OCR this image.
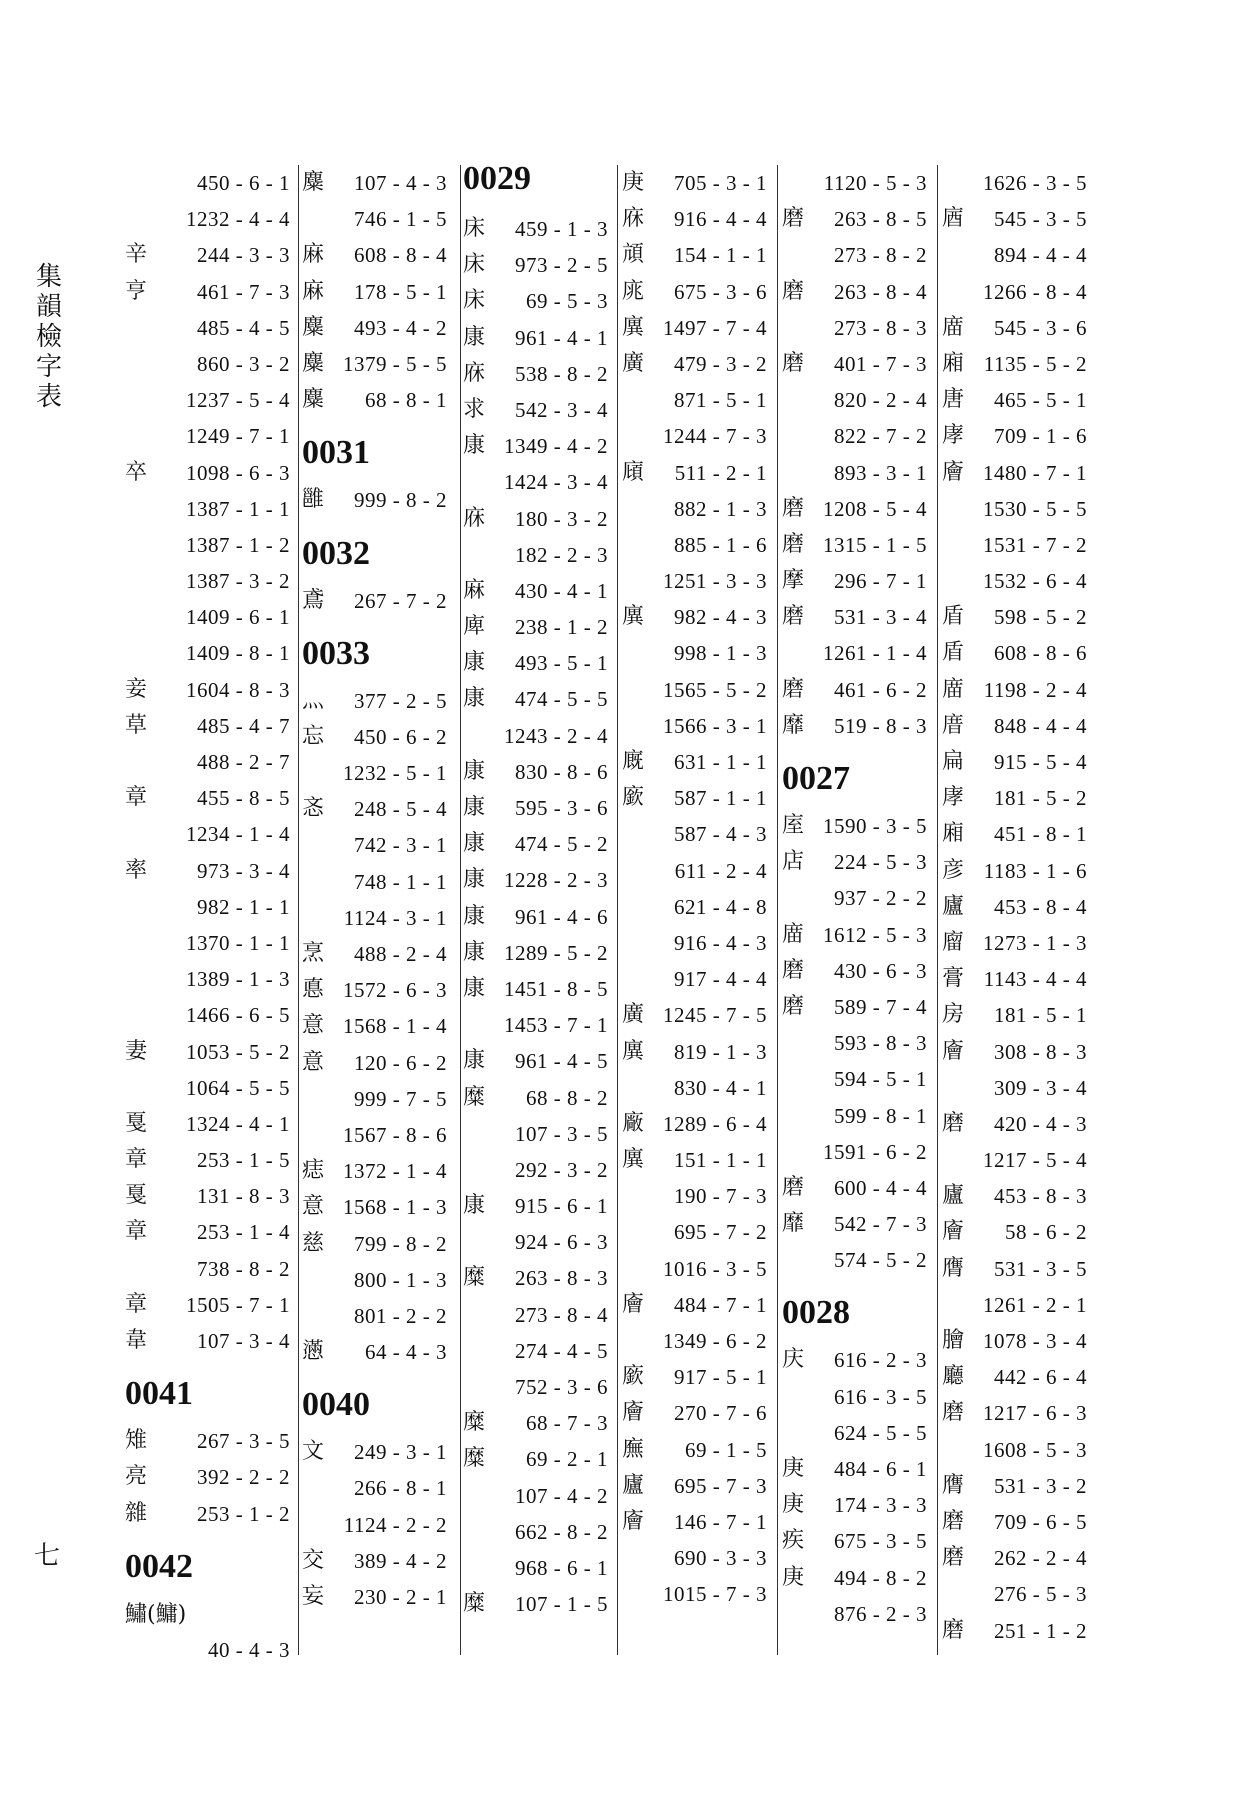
集韻檢字表
七
450 - 6 - 1
1232 - 4 - 4
辛 244 - 3 - 3
亨 461 - 7 - 3
485 - 4 - 5
860 - 3 - 2
1237 - 5 - 4
1249 - 7 - 1
卒 1098 - 6 - 3
1387 - 1 - 1
1387 - 1 - 2
1387 - 3 - 2
1409 - 6 - 1
1409 - 8 - 1
妾 1604 - 8 - 3
草 485 - 4 - 7
488 - 2 - 7
章 455 - 8 - 5
1234 - 1 - 4
率 973 - 3 - 4
982 - 1 - 1
1370 - 1 - 1
1389 - 1 - 3
1466 - 6 - 5
妻 1053 - 5 - 2
1064 - 5 - 5
戛 1324 - 4 - 1
章 253 - 1 - 5
戛 131 - 8 - 3
章 253 - 1 - 4
738 - 8 - 2
章 1505 - 7 - 1
韋 107 - 3 - 4
0041
雉 267 - 3 - 5
亮 392 - 2 - 2
雜 253 - 1 - 2
0042
鱐(鱅)
40 - 4 - 3
麋 107 - 4 - 3
746 - 1 - 5
麻 608 - 8 - 4
麻 178 - 5 - 1
麋 493 - 4 - 2
麋 1379 - 5 - 5
麋 68 - 8 - 1
0031
雝 999 - 8 - 2
0032
鳶 267 - 7 - 2
0033
灬 377 - 2 - 5
忘 450 - 6 - 2
1232 - 5 - 1
忞 248 - 5 - 4
742 - 3 - 1
748 - 1 - 1
1124 - 3 - 1
烹 488 - 2 - 4
悳 1572 - 6 - 3
意 1568 - 1 - 4
意 120 - 6 - 2
999 - 7 - 5
1567 - 8 - 6
痣 1372 - 1 - 4
意 1568 - 1 - 3
慈 799 - 8 - 2
800 - 1 - 3
801 - 2 - 2
懣 64 - 4 - 3
0040
文 249 - 3 - 1
266 - 8 - 1
1124 - 2 - 2
交 389 - 4 - 2
妄 230 - 2 - 1
0029
床 459 - 1 - 3
床 973 - 2 - 5
床 69 - 5 - 3
康 961 - 4 - 1
庥 538 - 8 - 2
求 542 - 3 - 4
康 1349 - 4 - 2
1424 - 3 - 4
庥 180 - 3 - 2
182 - 2 - 3
麻 430 - 4 - 1
庳 238 - 1 - 2
康 493 - 5 - 1
康 474 - 5 - 5
1243 - 2 - 4
康 830 - 8 - 6
康 595 - 3 - 6
康 474 - 5 - 2
康 1228 - 2 - 3
康 961 - 4 - 6
康 1289 - 5 - 2
康 1451 - 8 - 5
1453 - 7 - 1
康 961 - 4 - 5
糜 68 - 8 - 2
107 - 3 - 5
292 - 3 - 2
康 915 - 6 - 1
924 - 6 - 3
糜 263 - 8 - 3
273 - 8 - 4
274 - 4 - 5
752 - 3 - 6
糜 68 - 7 - 3
糜 69 - 2 - 1
107 - 4 - 2
662 - 8 - 2
968 - 6 - 1
糜 107 - 1 - 5
庚 705 - 3 - 1
庥 916 - 4 - 4
頏 154 - 1 - 1
庣 675 - 3 - 6
廙 1497 - 7 - 4
廣 479 - 3 - 2
871 - 5 - 1
1244 - 7 - 3
廎 511 - 2 - 1
882 - 1 - 3
885 - 1 - 6
1251 - 3 - 3
廙 982 - 4 - 3
998 - 1 - 3
1565 - 5 - 2
1566 - 3 - 1
廐 631 - 1 - 1
廞 587 - 1 - 1
587 - 4 - 3
611 - 2 - 4
621 - 4 - 8
916 - 4 - 3
917 - 4 - 4
廣 1245 - 7 - 5
廙 819 - 1 - 3
830 - 4 - 1
廠 1289 - 6 - 4
廙 151 - 1 - 1
190 - 7 - 3
695 - 7 - 2
1016 - 3 - 5
廥 484 - 7 - 1
1349 - 6 - 2
廞 917 - 5 - 1
廥 270 - 7 - 6
廡 69 - 1 - 5
廬 695 - 7 - 3
廥 146 - 7 - 1
690 - 3 - 3
1015 - 7 - 3
1120 - 5 - 3
磨 263 - 8 - 5
273 - 8 - 2
磨 263 - 8 - 4
273 - 8 - 3
磨 401 - 7 - 3
820 - 2 - 4
822 - 7 - 2
893 - 3 - 1
磨 1208 - 5 - 4
磨 1315 - 1 - 5
摩 296 - 7 - 1
磨 531 - 3 - 4
1261 - 1 - 4
磨 461 - 6 - 2
靡 519 - 8 - 3
0027
庢 1590 - 3 - 5
店 224 - 5 - 3
937 - 2 - 2
庿 1612 - 5 - 3
磨 430 - 6 - 3
磨 589 - 7 - 4
593 - 8 - 3
594 - 5 - 1
599 - 8 - 1
1591 - 6 - 2
磨 600 - 4 - 4
靡 542 - 7 - 3
574 - 5 - 2
0028
庆 616 - 2 - 3
616 - 3 - 5
624 - 5 - 5
庚 484 - 6 - 1
庚 174 - 3 - 3
疾 675 - 3 - 5
庚 494 - 8 - 2
876 - 2 - 3
1626 - 3 - 5
庮 545 - 3 - 5
894 - 4 - 4
1266 - 8 - 4
庿 545 - 3 - 6
廂 1135 - 5 - 2
唐 465 - 5 - 1
庨 709 - 1 - 6
廥 1480 - 7 - 1
1530 - 5 - 5
1531 - 7 - 2
1532 - 6 - 4
盾 598 - 5 - 2
盾 608 - 8 - 6
庿 1198 - 2 - 4
庴 848 - 4 - 4
扁 915 - 5 - 4
庨 181 - 5 - 2
廂 451 - 8 - 1
彦 1183 - 1 - 6
廬 453 - 8 - 4
廇 1273 - 1 - 3
膏 1143 - 4 - 4
房 181 - 5 - 1
廥 308 - 8 - 3
309 - 3 - 4
磨 420 - 4 - 3
1217 - 5 - 4
廬 453 - 8 - 3
廥 58 - 6 - 2
膺 531 - 3 - 5
1261 - 2 - 1
膾 1078 - 3 - 4
廳 442 - 6 - 4
磨 1217 - 6 - 3
1608 - 5 - 3
膺 531 - 3 - 2
磨 709 - 6 - 5
磨 262 - 2 - 4
276 - 5 - 3
磨 251 - 1 - 2
